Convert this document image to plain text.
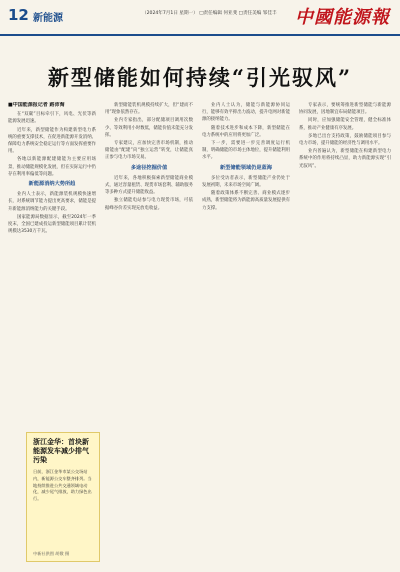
12 新能源	（2024年7月1日 星期一） □责任编辑 何亚斐 □责任美编 邹佳丰 中國能源報
新型储能如何持续“引光驭风”
■中国能源报记者 路沛淘

在“双碳”目标牵引下，风电、光伏等新能源发展迅速。

近年来，新型储能作为构建新型电力系统的重要支撑技术，在促进新能源开发消纳、保障电力系统安全稳定运行等方面发挥重要作用。

各地以新能源配建储能为主要应用场景，推动储能规模化发展，但在实际运行中仍存在利用率偏低等问题。

新能源消纳大势所趋

业内人士表示，新能源装机规模快速增长，对系统调节能力提出更高要求，储能是提升新能源消纳能力的关键手段。

国家能源局数据显示，截至2024年一季度末，全国已建成投运新型储能项目累计装机规模达3530万千瓦。

新型储能装机规模持续扩大，但“建而不用”现象依然存在。

业内专家指出，部分配储项目调用次数少、等效利用小时数低，储能价值未能充分发挥。

专家建议，应加快完善市场机制，推动储能由“配建”向“独立运营”转变，让储能真正参与电力市场交易。

多途径挖掘价值

近年来，各地积极探索新型储能商业模式，通过容量租赁、现货市场套利、辅助服务等多种方式提升储能收益。

独立储能电站参与电力现货市场，可依据峰谷价差实现充放电收益。

业内人士认为，储能与新能源协同运行，能够有效平抑出力波动，提升电网对新能源的接纳能力。

随着技术进步和成本下降，新型储能在电力系统中的应用将更加广泛。

下一步，需要进一步完善调度运行机制，明确储能的市场主体地位，提升储能利用水平。

新型储能领域仍是蓝海

多位受访者表示，新型储能产业仍处于发展初期，未来市场空间广阔。

随着政策体系不断完善、商业模式逐步成熟，新型储能将为新能源高质量发展提供有力支撑。

专家表示，要统筹推进新型储能与新能源协同发展，因地制宜布局储能项目。

同时，应加强储能安全管理，健全标准体系，推动产业健康有序发展。

多地已出台支持政策，鼓励储能项目参与电力市场，提升储能的经济性与调用水平。

业内普遍认为，新型储能在构建新型电力系统中的作用将持续凸显，助力新能源实现“引光驭风”。

浙江金华：首块新能源发车减少排气污染
日前，浙江金华市某公交场站内，新能源公交车整齐排列。当地持续推进公共交通领域电动化，减少尾气排放，助力绿色出行。
中新社供图 胡敬 摄
